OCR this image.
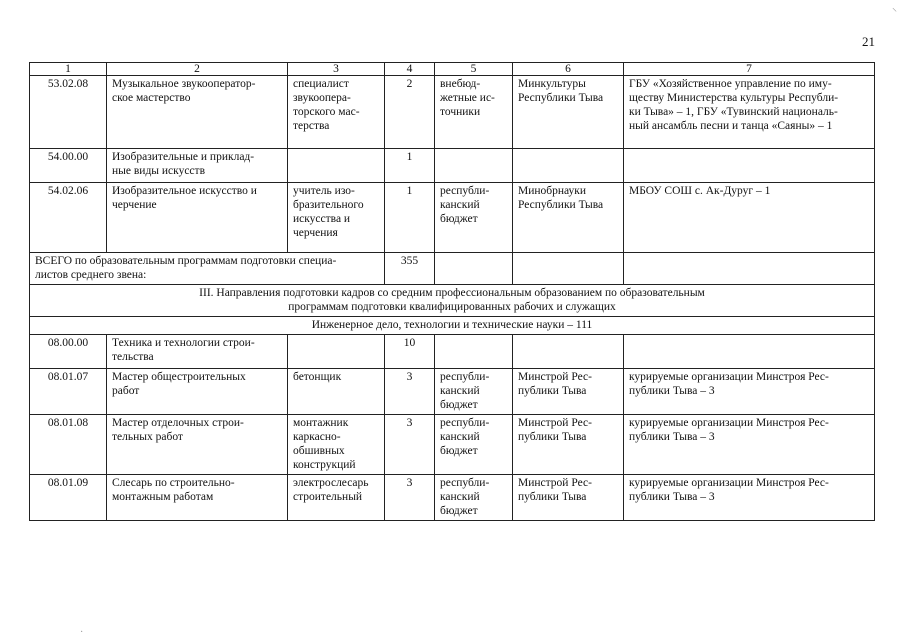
⸌
21
1	2	3	4	5	6	7
53.02.08	Музыкальное звукооператор-
ское мастерство	специалист
звукоопера-
торского мас-
терства	2	внебюд-
жетные ис-
точники	Минкультуры
Республики Тыва	ГБУ «Хозяйственное управление по иму-
ществу Министерства культуры Республи-
ки Тыва» – 1, ГБУ «Тувинский националь-
ный ансамбль песни и танца «Саяны» – 1
54.00.00	Изобразительные и приклад-
ные виды искусств		1			
54.02.06	Изобразительное искусство и
черчение	учитель изо-
бразительного
искусства и
черчения	1	республи-
канский
бюджет	Минобрнауки
Республики Тыва	МБОУ СОШ с. Ак-Дуруг – 1
ВСЕГО по образовательным программам подготовки специа-
листов среднего звена:			355			
III. Направления подготовки кадров со средним профессиональным образованием по образовательным
программам подготовки квалифицированных рабочих и служащих						
Инженерное дело, технологии и технические науки – 111						
08.00.00	Техника и технологии строи-
тельства		10			
08.01.07	Мастер общестроительных
работ	бетонщик	3	республи-
канский
бюджет	Минстрой Рес-
публики Тыва	курируемые организации Минстроя Рес-
публики Тыва – 3
08.01.08	Мастер отделочных строи-
тельных работ	монтажник
каркасно-
обшивных
конструкций	3	республи-
канский
бюджет	Минстрой Рес-
публики Тыва	курируемые организации Минстроя Рес-
публики Тыва – 3
08.01.09	Слесарь по строительно-
монтажным работам	электрослесарь
строительный	3	республи-
канский
бюджет	Минстрой Рес-
публики Тыва	курируемые организации Минстроя Рес-
публики Тыва – 3
·
